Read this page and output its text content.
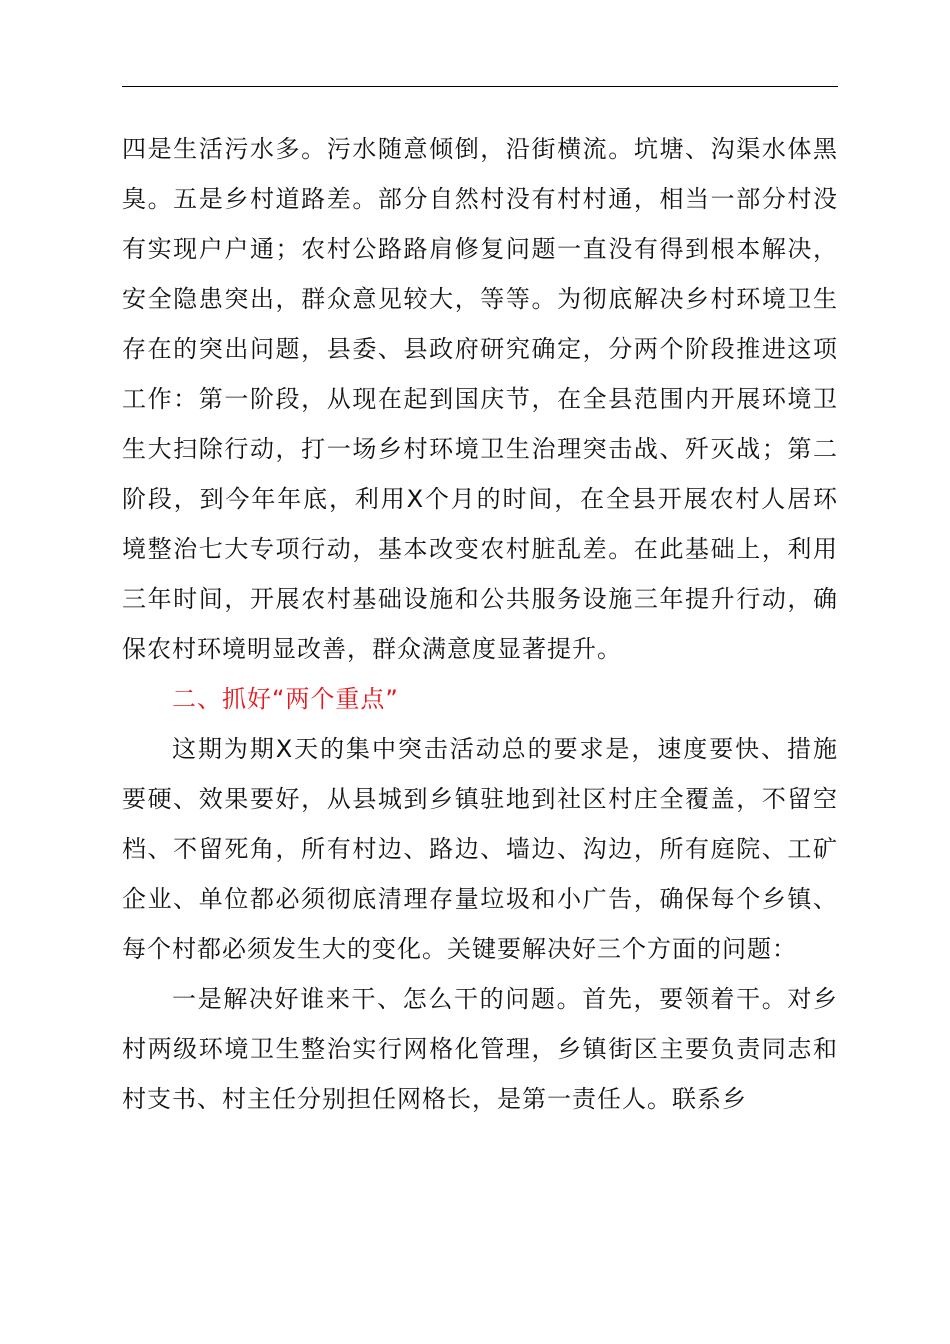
四是生活污水多。污水随意倾倒，沿街横流。坑塘、沟渠水体黑臭。五是乡村道路差。部分自然村没有村村通，相当一部分村没有实现户户通；农村公路路肩修复问题一直没有得到根本解决，安全隐患突出，群众意见较大，等等。为彻底解决乡村环境卫生存在的突出问题，县委、县政府研究确定，分两个阶段推进这项工作：第一阶段，从现在起到国庆节，在全县范围内开展环境卫生大扫除行动，打一场乡村环境卫生治理突击战、歼灭战；第二阶段，到今年年底，利用X个月的时间，在全县开展农村人居环境整治七大专项行动，基本改变农村脏乱差。在此基础上，利用三年时间，开展农村基础设施和公共服务设施三年提升行动，确保农村环境明显改善，群众满意度显著提升。

二、抓好“两个重点”

这期为期X天的集中突击活动总的要求是，速度要快、措施要硬、效果要好，从县城到乡镇驻地到社区村庄全覆盖，不留空档、不留死角，所有村边、路边、墙边、沟边，所有庭院、工矿企业、单位都必须彻底清理存量垃圾和小广告，确保每个乡镇、每个村都必须发生大的变化。关键要解决好三个方面的问题：

一是解决好谁来干、怎么干的问题。首先，要领着干。对乡村两级环境卫生整治实行网格化管理，乡镇街区主要负责同志和村支书、村主任分别担任网格长，是第一责任人。联系乡
